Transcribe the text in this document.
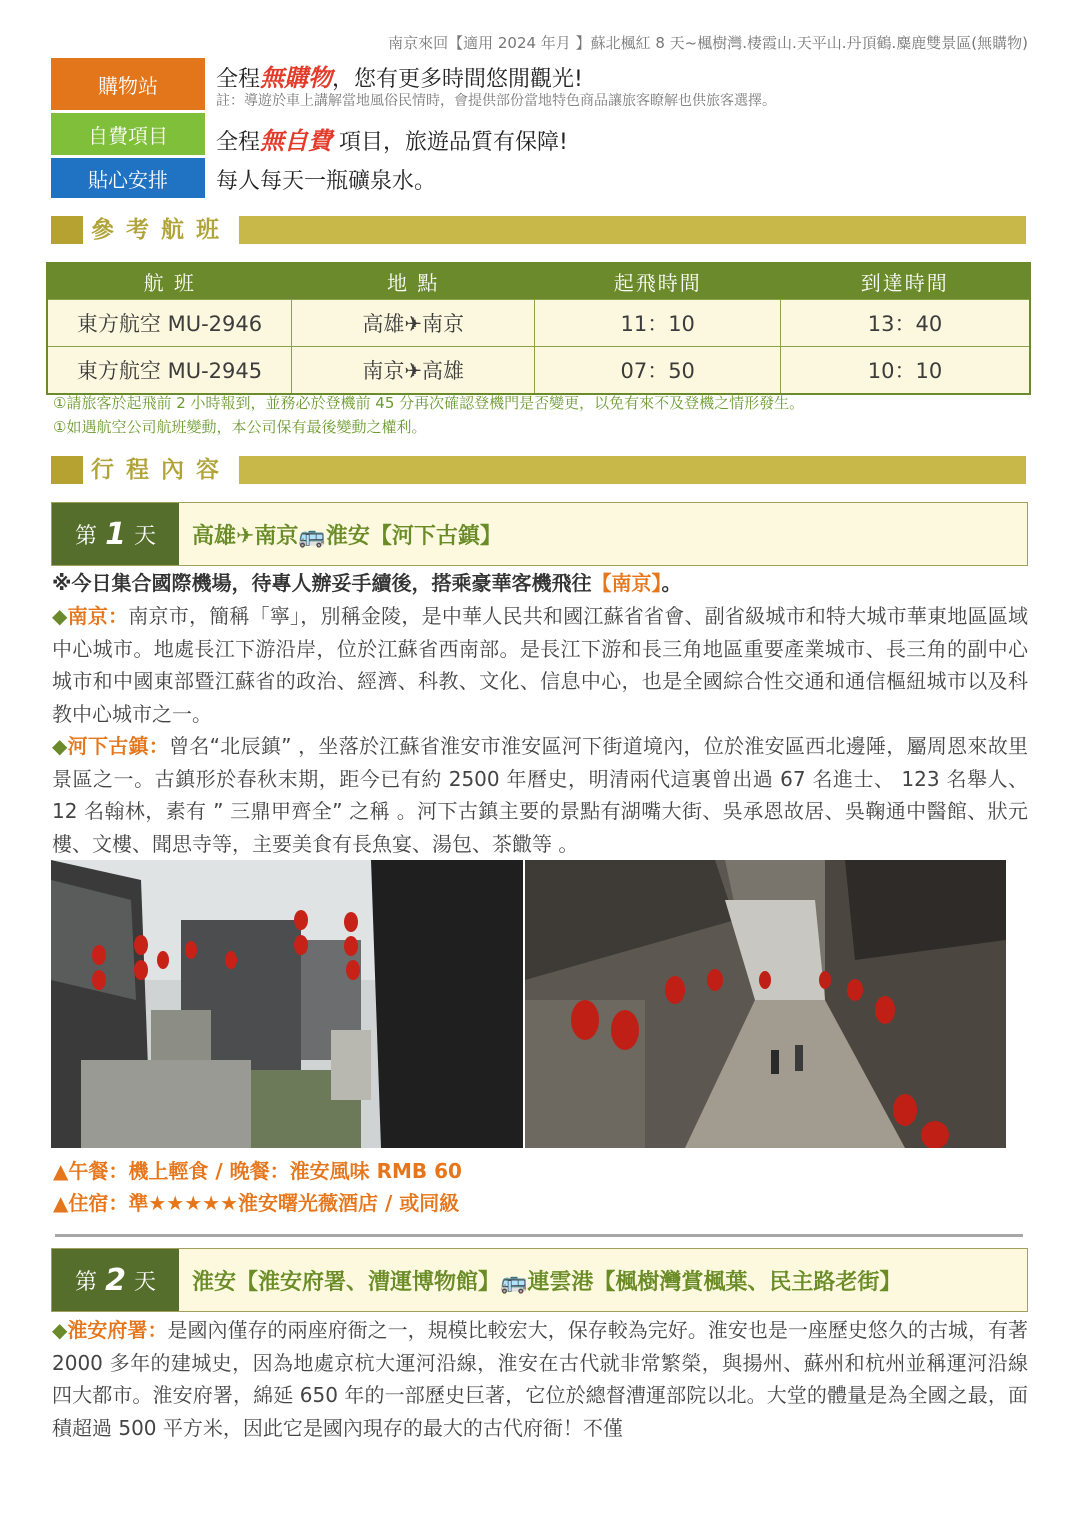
南京來回【適用 2024 年月 】蘇北楓紅 8 天~楓樹灣.棲霞山.天平山.丹頂鶴.麋鹿雙景區(無購物)
購物站	全程無購物，您有更多時間悠閒觀光!
註：導遊於車上講解當地風俗民情時，會提供部份當地特色商品讓旅客瞭解也供旅客選擇。
自費項目	全程無自費 項目，旅遊品質有保障!
貼心安排	每人每天一瓶礦泉水。
參考航班
航 班	地 點	起飛時間	到達時間
東方航空 MU-2946	高雄✈南京	11：10	13：40
東方航空 MU-2945	南京✈高雄	07：50	10：10
①請旅客於起飛前 2 小時報到，並務必於登機前 45 分再次確認登機門是否變更，以免有來不及登機之情形發生。
①如遇航空公司航班變動，本公司保有最後變動之權利。
行程內容
第 1 天 高雄✈南京🚌淮安【河下古鎮】
※今日集合國際機場，待專人辦妥手續後，搭乘豪華客機飛往【南京】。
◆南京：南京市，簡稱「寧」，別稱金陵，是中華人民共和國江蘇省省會、副省級城市和特大城市華東地區區域中心城市。地處長江下游沿岸，位於江蘇省西南部。是長江下游和長三角地區重要產業城市、長三角的副中心城市和中國東部暨江蘇省的政治、經濟、科教、文化、信息中心，也是全國綜合性交通和通信樞紐城市以及科教中心城市之一。
◆河下古鎮：曾名“北辰鎮” ，坐落於江蘇省淮安市淮安區河下街道境內，位於淮安區西北邊陲，屬周恩來故里景區之一。古鎮形於春秋末期，距今已有約 2500 年曆史，明清兩代這裏曾出過 67 名進士、 123 名舉人、12 名翰林，素有 ” 三鼎甲齊全” 之稱 。河下古鎮主要的景點有湖嘴大街、吳承恩故居、吳鞠通中醫館、狀元樓、文樓、聞思寺等，主要美食有長魚宴、湯包、茶饊等 。
▲午餐：機上輕食 / 晚餐：淮安風味 RMB 60
▲住宿：準★★★★★淮安曙光薇酒店 / 或同級
第 2 天 淮安【淮安府署、漕運博物館】🚌連雲港【楓樹灣賞楓葉、民主路老街】
◆淮安府署：是國內僅存的兩座府衙之一，規模比較宏大，保存較為完好。淮安也是一座歷史悠久的古城，有著 2000 多年的建城史，因為地處京杭大運河沿線，淮安在古代就非常繁榮，與揚州、蘇州和杭州並稱運河沿線四大都市。淮安府署，綿延 650 年的一部歷史巨著，它位於總督漕運部院以北。大堂的體量是為全國之最，面積超過 500 平方米，因此它是國內現存的最大的古代府衙！不僅
